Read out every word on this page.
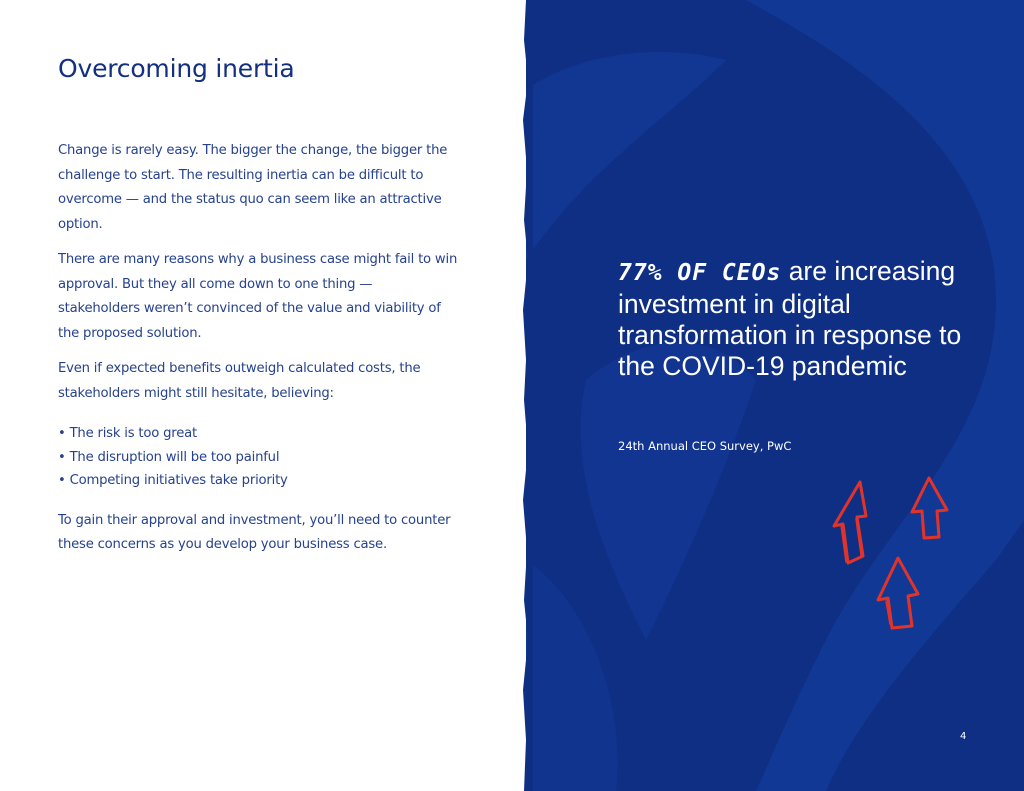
Overcoming inertia

Change is rarely easy. The bigger the change, the bigger the challenge to start. The resulting inertia can be difficult to overcome — and the status quo can seem like an attractive option.

There are many reasons why a business case might fail to win approval. But they all come down to one thing — stakeholders weren’t convinced of the value and viability of the proposed solution.

Even if expected benefits outweigh calculated costs, the stakeholders might still hesitate, believing:

• The risk is too great
• The disruption will be too painful
• Competing initiatives take priority

To gain their approval and investment, you’ll need to counter these concerns as you develop your business case.

77% OF CEOs are increasing investment in digital transformation in response to the COVID-19 pandemic
24th Annual CEO Survey, PwC
4
